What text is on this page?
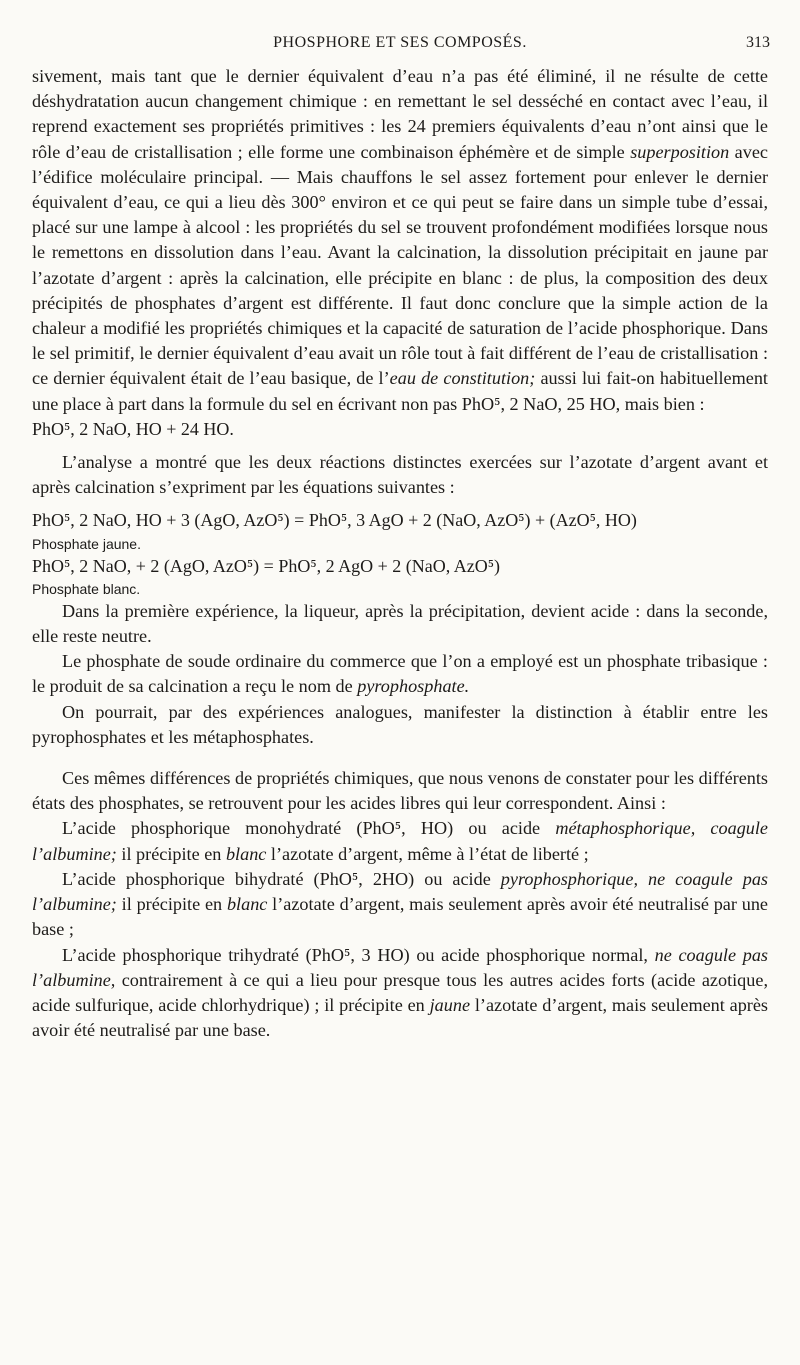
PHOSPHORE ET SES COMPOSÉS.	313

sivement, mais tant que le dernier équivalent d’eau n’a pas été éliminé, il ne résulte de cette déshydratation aucun changement chimique : en remettant le sel desséché en contact avec l’eau, il reprend exactement ses propriétés primitives : les 24 premiers équivalents d’eau n’ont ainsi que le rôle d’eau de cristallisation ; elle forme une combinaison éphémère et de simple superposition avec l’édifice moléculaire principal. — Mais chauffons le sel assez fortement pour enlever le dernier équivalent d’eau, ce qui a lieu dès 300° environ et ce qui peut se faire dans un simple tube d’essai, placé sur une lampe à alcool : les propriétés du sel se trouvent profondément modifiées lorsque nous le remettons en dissolution dans l’eau. Avant la calcination, la dissolution précipitait en jaune par l’azotate d’argent : après la calcination, elle précipite en blanc : de plus, la composition des deux précipités de phosphates d’argent est différente. Il faut donc conclure que la simple action de la chaleur a modifié les propriétés chimiques et la capacité de saturation de l’acide phosphorique. Dans le sel primitif, le dernier équivalent d’eau avait un rôle tout à fait différent de l’eau de cristallisation : ce dernier équivalent était de l’eau basique, de l’eau de constitution; aussi lui fait-on habituellement une place à part dans la formule du sel en écrivant non pas PhO⁵, 2 NaO, 25 HO, mais bien :

PhO⁵, 2 NaO, HO + 24 HO.

L’analyse a montré que les deux réactions distinctes exercées sur l’azotate d’argent avant et après calcination s’expriment par les équations suivantes :

PhO⁵, 2 NaO, HO + 3 (AgO, AzO⁵) = PhO⁵, 3 AgO + 2 (NaO, AzO⁵) + (AzO⁵, HO)

Phosphate jaune.

PhO⁵, 2 NaO, + 2 (AgO, AzO⁵) = PhO⁵, 2 AgO + 2 (NaO, AzO⁵)

Phosphate blanc.

Dans la première expérience, la liqueur, après la précipitation, devient acide : dans la seconde, elle reste neutre.

Le phosphate de soude ordinaire du commerce que l’on a employé est un phosphate tribasique : le produit de sa calcination a reçu le nom de pyrophosphate.

On pourrait, par des expériences analogues, manifester la distinction à établir entre les pyrophosphates et les métaphosphates.

Ces mêmes différences de propriétés chimiques, que nous venons de constater pour les différents états des phosphates, se retrouvent pour les acides libres qui leur correspondent. Ainsi :

L’acide phosphorique monohydraté (PhO⁵, HO) ou acide métaphosphorique, coagule l’albumine; il précipite en blanc l’azotate d’argent, même à l’état de liberté ;

L’acide phosphorique bihydraté (PhO⁵, 2HO) ou acide pyrophosphorique, ne coagule pas l’albumine; il précipite en blanc l’azotate d’argent, mais seulement après avoir été neutralisé par une base ;

L’acide phosphorique trihydraté (PhO⁵, 3 HO) ou acide phosphorique normal, ne coagule pas l’albumine, contrairement à ce qui a lieu pour presque tous les autres acides forts (acide azotique, acide sulfurique, acide chlorhydrique) ; il précipite en jaune l’azotate d’argent, mais seulement après avoir été neutralisé par une base.
